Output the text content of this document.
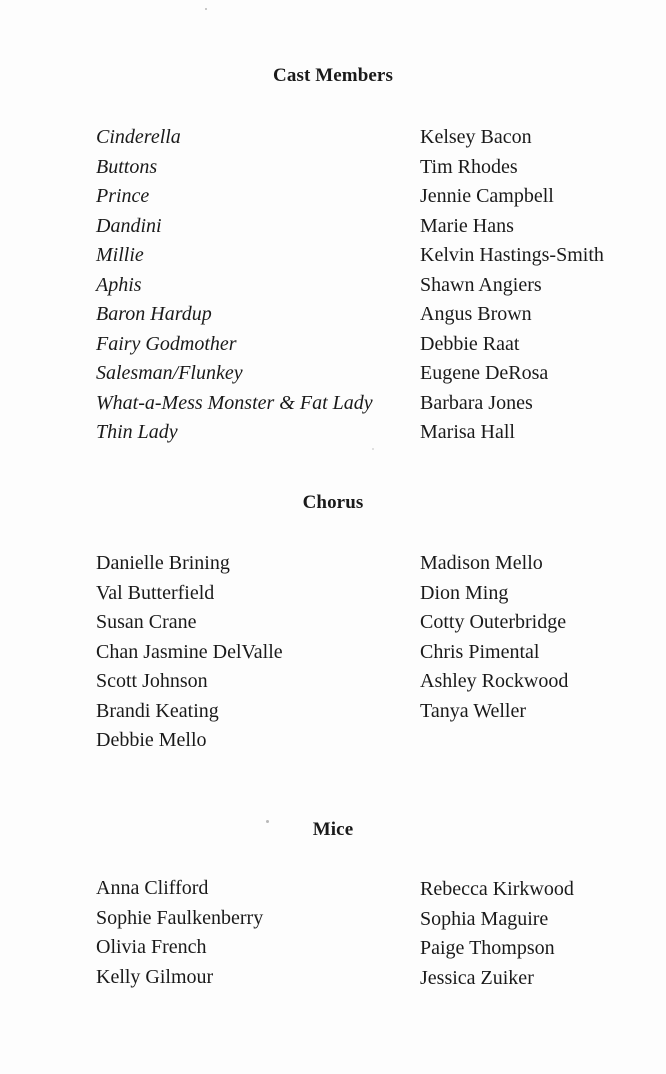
Cast Members
Cinderella
Buttons
Prince
Dandini
Millie
Aphis
Baron Hardup
Fairy Godmother
Salesman/Flunkey
What-a-Mess Monster & Fat Lady
Thin Lady
Kelsey Bacon
Tim Rhodes
Jennie Campbell
Marie Hans
Kelvin Hastings-Smith
Shawn Angiers
Angus Brown
Debbie Raat
Eugene DeRosa
Barbara Jones
Marisa Hall
Chorus
Danielle Brining
Val Butterfield
Susan Crane
Chan Jasmine DelValle
Scott Johnson
Brandi Keating
Debbie Mello
Madison Mello
Dion Ming
Cotty Outerbridge
Chris Pimental
Ashley Rockwood
Tanya Weller
Mice
Anna Clifford
Sophie Faulkenberry
Olivia French
Kelly Gilmour
Rebecca Kirkwood
Sophia Maguire
Paige Thompson
Jessica Zuiker
